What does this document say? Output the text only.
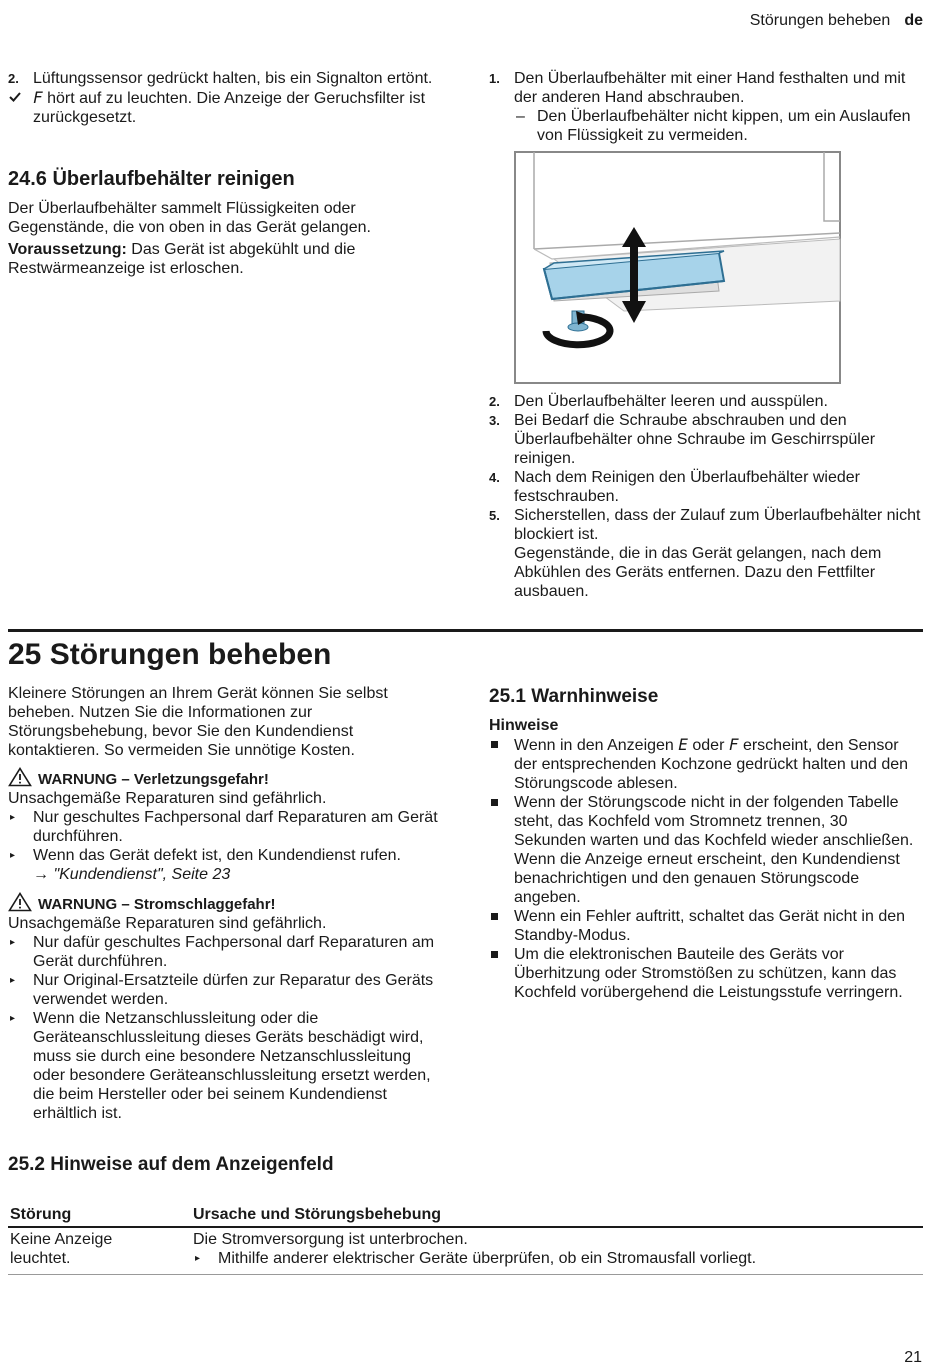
Störungen beheben de
2. Lüftungssensor gedrückt halten, bis ein Signalton ertönt.

F hört auf zu leuchten. Die Anzeige der Geruchsfilter ist zurückgesetzt.

24.6 Überlaufbehälter reinigen

Der Überlaufbehälter sammelt Flüssigkeiten oder Gegenstände, die von oben in das Gerät gelangen.

Voraussetzung: Das Gerät ist abgekühlt und die Restwärmeanzeige ist erloschen.

1. Den Überlaufbehälter mit einer Hand festhalten und mit der anderen Hand abschrauben.

– Den Überlaufbehälter nicht kippen, um ein Auslaufen von Flüssigkeit zu vermeiden.

2. Den Überlaufbehälter leeren und ausspülen.

3. Bei Bedarf die Schraube abschrauben und den Überlaufbehälter ohne Schraube im Geschirrspüler reinigen.

4. Nach dem Reinigen den Überlaufbehälter wieder festschrauben.

5. Sicherstellen, dass der Zulauf zum Überlaufbehälter nicht blockiert ist.

Gegenstände, die in das Gerät gelangen, nach dem Abkühlen des Geräts entfernen. Dazu den Fettfilter ausbauen.

25 Störungen beheben

Kleinere Störungen an Ihrem Gerät können Sie selbst beheben. Nutzen Sie die Informationen zur Störungsbehebung, bevor Sie den Kundendienst kontaktieren. So vermeiden Sie unnötige Kosten.

WARNUNG – Verletzungsgefahr!

Unsachgemäße Reparaturen sind gefährlich.

▸ Nur geschultes Fachpersonal darf Reparaturen am Gerät durchführen.

▸ Wenn das Gerät defekt ist, den Kundendienst rufen.

→ "Kundendienst", Seite 23

WARNUNG – Stromschlaggefahr!

Unsachgemäße Reparaturen sind gefährlich.

▸ Nur dafür geschultes Fachpersonal darf Reparaturen am Gerät durchführen.

▸ Nur Original-Ersatzteile dürfen zur Reparatur des Geräts verwendet werden.

▸ Wenn die Netzanschlussleitung oder die Geräteanschlussleitung dieses Geräts beschädigt wird, muss sie durch eine besondere Netzanschlussleitung oder besondere Geräteanschlussleitung ersetzt werden, die beim Hersteller oder bei seinem Kundendienst erhältlich ist.

25.1 Warnhinweise

Hinweise

Wenn in den Anzeigen E oder F erscheint, den Sensor der entsprechenden Kochzone gedrückt halten und den Störungscode ablesen.

Wenn der Störungscode nicht in der folgenden Tabelle steht, das Kochfeld vom Stromnetz trennen, 30 Sekunden warten und das Kochfeld wieder anschließen. Wenn die Anzeige erneut erscheint, den Kundendienst benachrichtigen und den genauen Störungscode angeben.

Wenn ein Fehler auftritt, schaltet das Gerät nicht in den Standby-Modus.

Um die elektronischen Bauteile des Geräts vor Überhitzung oder Stromstößen zu schützen, kann das Kochfeld vorübergehend die Leistungsstufe verringern.

25.2 Hinweise auf dem Anzeigenfeld
Störung	Ursache und Störungsbehebung
Keine Anzeige leuchtet.

Die Stromversorgung ist unterbrochen.

▸ Mithilfe anderer elektrischer Geräte überprüfen, ob ein Stromausfall vorliegt.

21
